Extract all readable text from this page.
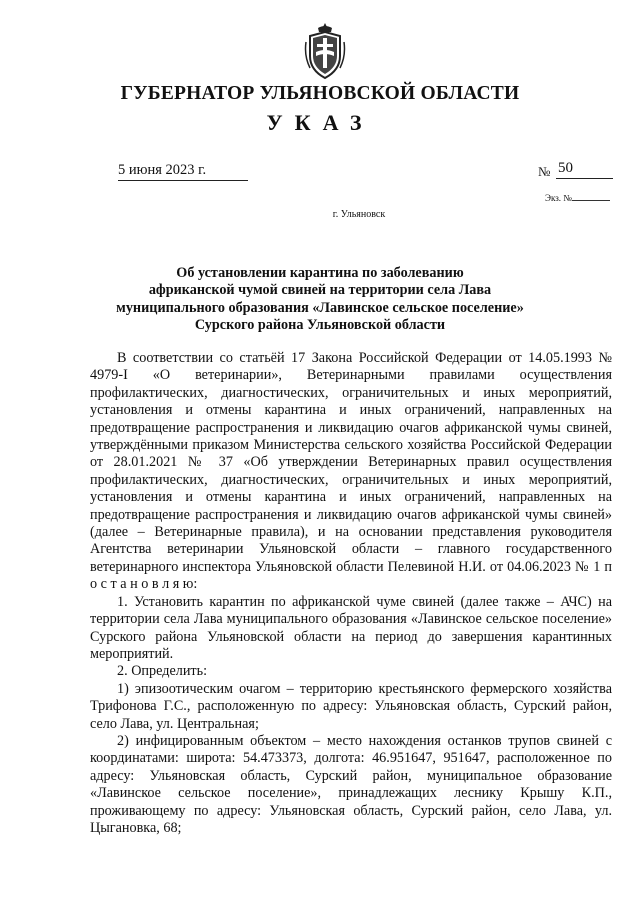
ГУБЕРНАТОР УЛЬЯНОВСКОЙ ОБЛАСТИ
УКАЗ
5 июня 2023 г.	№ 50
Экз. №
г. Ульяновск
Об установлении карантина по заболеванию
африканской чумой свиней на территории села Лава
муниципального образования «Лавинское сельское поселение»
Сурского района Ульяновской области

В соответствии со статьёй 17 Закона Российской Федерации от 14.05.1993 № 4979-I «О ветеринарии», Ветеринарными правилами осуществления профилактических, диагностических, ограничительных и иных мероприятий, установления и отмены карантина и иных ограничений, направленных на предотвращение распространения и ликвидацию очагов африканской чумы свиней, утверждёнными приказом Министерства сельского хозяйства Российской Федерации от 28.01.2021 № 37 «Об утверждении Ветеринарных правил осуществления профилактических, диагностических, ограничительных и иных мероприятий, установления и отмены карантина и иных ограничений, направленных на предотвращение распространения и ликвидацию очагов африканской чумы свиней» (далее – Ветеринарные правила), и на основании представления руководителя Агентства ветеринарии Ульяновской области – главного государственного ветеринарного инспектора Ульяновской области Пелевиной Н.И. от 04.06.2023 № 1 п о с т а н о в л я ю:

1. Установить карантин по африканской чуме свиней (далее также – АЧС) на территории села Лава муниципального образования «Лавинское сельское поселение» Сурского района Ульяновской области на период до завершения карантинных мероприятий.

2. Определить:

1) эпизоотическим очагом – территорию крестьянского фермерского хозяйства Трифонова Г.С., расположенную по адресу: Ульяновская область, Сурский район, село Лава, ул. Центральная;

2) инфицированным объектом – место нахождения останков трупов свиней с координатами: широта: 54.473373, долгота: 46.951647, 951647, расположенное по адресу: Ульяновская область, Сурский район, муниципальное образование «Лавинское сельское поселение», принадлежащих леснику Крышу К.П., проживающему по адресу: Ульяновская область, Сурский район, село Лава, ул. Цыгановка, 68;
